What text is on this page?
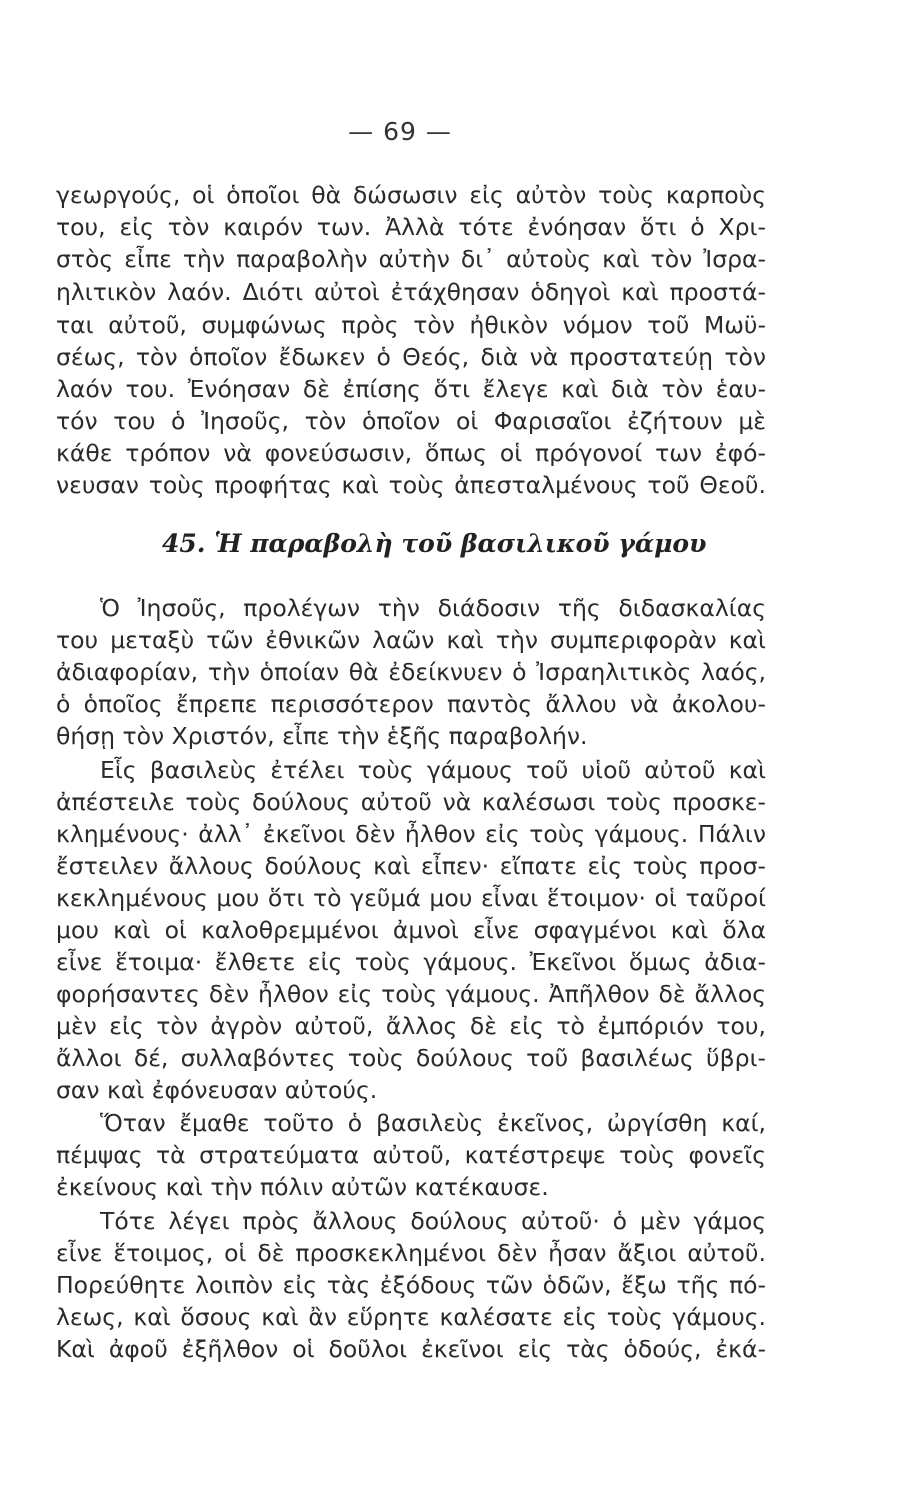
— 69 —
γεωργούς, οἱ ὁποῖοι θὰ δώσωσιν εἰς αὐτὸν τοὺς καρποὺς
του, εἰς τὸν καιρόν των. Ἀλλὰ τότε ἐνόησαν ὅτι ὁ Χρι-
στὸς εἶπε τὴν παραβολὴν αὐτὴν δι᾽ αὐτοὺς καὶ τὸν Ἰσρα-
ηλιτικὸν λαόν. Διότι αὐτοὶ ἐτάχθησαν ὁδηγοὶ καὶ προστά-
ται αὐτοῦ, συμφώνως πρὸς τὸν ἠθικὸν νόμον τοῦ Μωϋ-
σέως, τὸν ὁποῖον ἔδωκεν ὁ Θεός, διὰ νὰ προστατεύῃ τὸν
λαόν του. Ἐνόησαν δὲ ἐπίσης ὅτι ἔλεγε καὶ διὰ τὸν ἑαυ-
τόν του ὁ Ἰησοῦς, τὸν ὁποῖον οἱ Φαρισαῖοι ἐζήτουν μὲ
κάθε τρόπον νὰ φονεύσωσιν, ὅπως οἱ πρόγονοί των ἐφό-
νευσαν τοὺς προφήτας καὶ τοὺς ἀπεσταλμένους τοῦ Θεοῦ.
45. Ἡ παραβολὴ τοῦ βασιλικοῦ γάμου
Ὁ Ἰησοῦς, προλέγων τὴν διάδοσιν τῆς διδασκαλίας
του μεταξὺ τῶν ἐθνικῶν λαῶν καὶ τὴν συμπεριφορὰν καὶ
ἀδιαφορίαν, τὴν ὁποίαν θὰ ἐδείκνυεν ὁ Ἰσραηλιτικὸς λαός,
ὁ ὁποῖος ἔπρεπε περισσότερον παντὸς ἄλλου νὰ ἀκολου-
θήσῃ τὸν Χριστόν, εἶπε τὴν ἑξῆς παραβολήν.
Εἷς βασιλεὺς ἐτέλει τοὺς γάμους τοῦ υἱοῦ αὐτοῦ καὶ
ἀπέστειλε τοὺς δούλους αὐτοῦ νὰ καλέσωσι τοὺς προσκε-
κλημένους· ἀλλ᾽ ἐκεῖνοι δὲν ἦλθον εἰς τοὺς γάμους. Πάλιν
ἔστειλεν ἄλλους δούλους καὶ εἶπεν· εἴπατε εἰς τοὺς προσ-
κεκλημένους μου ὅτι τὸ γεῦμά μου εἶναι ἕτοιμον· οἱ ταῦροί
μου καὶ οἱ καλοθρεμμένοι ἀμνοὶ εἶνε σφαγμένοι καὶ ὅλα
εἶνε ἕτοιμα· ἔλθετε εἰς τοὺς γάμους. Ἐκεῖνοι ὅμως ἀδια-
φορήσαντες δὲν ἦλθον εἰς τοὺς γάμους. Ἀπῆλθον δὲ ἄλλος
μὲν εἰς τὸν ἀγρὸν αὐτοῦ, ἄλλος δὲ εἰς τὸ ἐμπόριόν του,
ἄλλοι δέ, συλλαβόντες τοὺς δούλους τοῦ βασιλέως ὕβρι-
σαν καὶ ἐφόνευσαν αὐτούς.
Ὅταν ἔμαθε τοῦτο ὁ βασιλεὺς ἐκεῖνος, ὠργίσθη καί,
πέμψας τὰ στρατεύματα αὐτοῦ, κατέστρεψε τοὺς φονεῖς
ἐκείνους καὶ τὴν πόλιν αὐτῶν κατέκαυσε.
Τότε λέγει πρὸς ἄλλους δούλους αὐτοῦ· ὁ μὲν γάμος
εἶνε ἕτοιμος, οἱ δὲ προσκεκλημένοι δὲν ἦσαν ἄξιοι αὐτοῦ.
Πορεύθητε λοιπὸν εἰς τὰς ἐξόδους τῶν ὁδῶν, ἔξω τῆς πό-
λεως, καὶ ὅσους καὶ ἂν εὕρητε καλέσατε εἰς τοὺς γάμους.
Καὶ ἀφοῦ ἐξῆλθον οἱ δοῦλοι ἐκεῖνοι εἰς τὰς ὁδούς, ἐκά-
